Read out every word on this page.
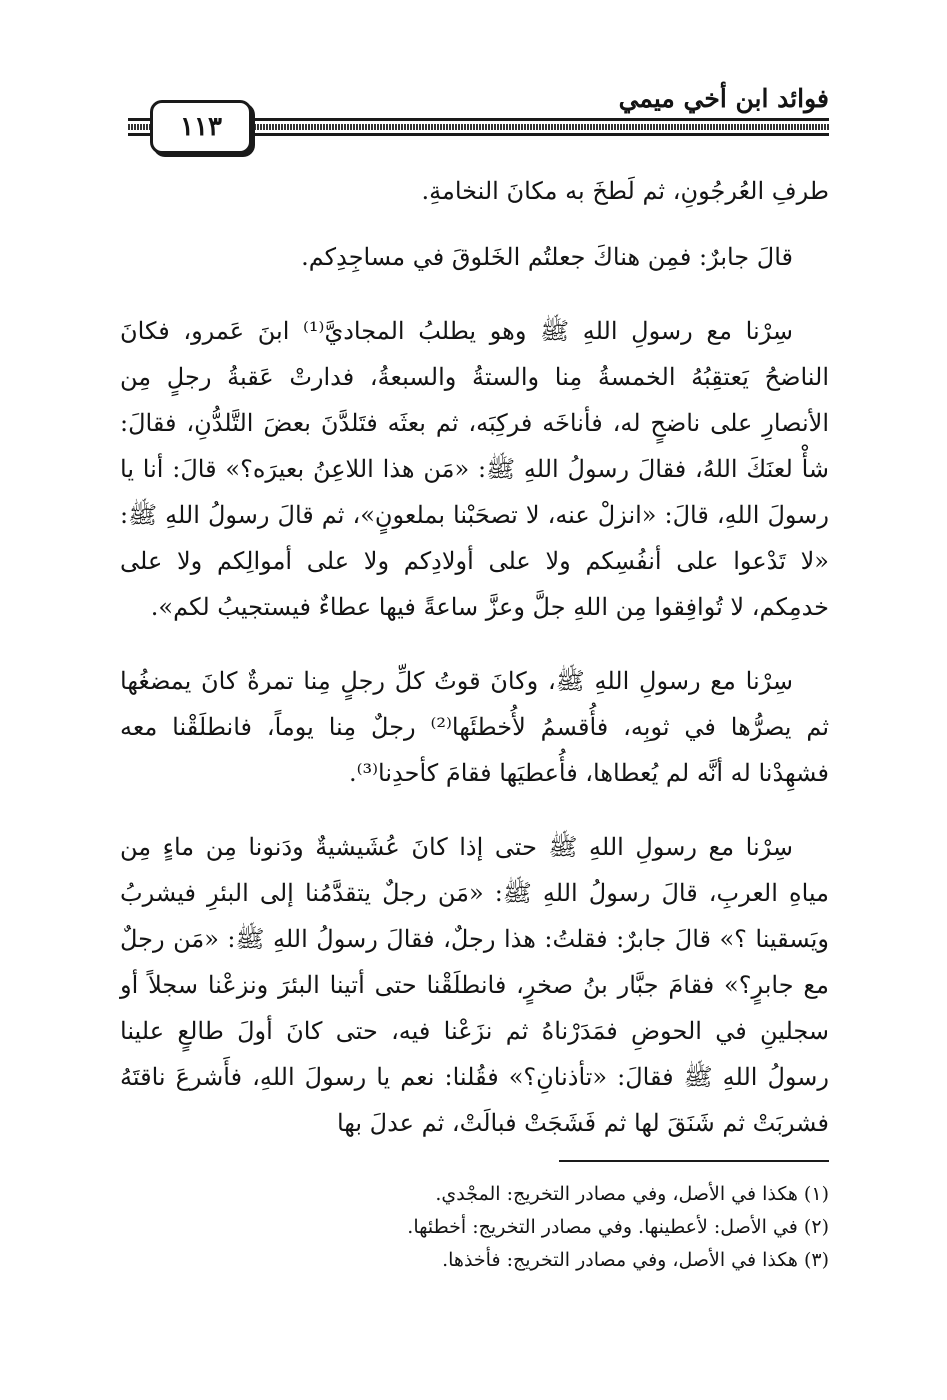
فوائد ابن أخي ميمي
١١٣

طرفِ العُرجُونِ، ثم لَطخَ به مكانَ النخامةِ.

قالَ جابرٌ: فمِن هناكَ جعلتُم الخَلوقَ في مساجِدِكم.

سِرْنا مع رسولِ اللهِ ﷺ وهو يطلبُ المجاديَّ⁽¹⁾ ابنَ عَمرو، فكانَ الناضحُ يَعتقِبُهُ الخمسةُ مِنا والستةُ والسبعةُ، فدارتْ عَقبةُ رجلٍ مِن الأنصارِ على ناضحٍ له، فأناخَه فركِبَه، ثم بعثَه فتَلدَّنَ بعضَ التَّلدُّنِ، فقالَ: شأْ لعنَكَ اللهُ، فقالَ رسولُ اللهِ ﷺ: «مَن هذا اللاعِنُ بعيرَه؟» قالَ: أنا يا رسولَ اللهِ، قالَ: «انزلْ عنه، لا تصحَبْنا بملعونٍ»، ثم قالَ رسولُ اللهِ ﷺ: «لا تَدْعوا على أنفُسِكم ولا على أولادِكم ولا على أموالِكم ولا على خدمِكم، لا تُوافِقوا مِن اللهِ جلَّ وعزَّ ساعةً فيها عطاءٌ فيستجيبُ لكم».

سِرْنا مع رسولِ اللهِ ﷺ، وكانَ قوتُ كلِّ رجلٍ مِنا تمرةٌ كانَ يمضغُها ثم يصرُّها في ثوبِه، فأُقسمُ لأُخطئَها⁽²⁾ رجلٌ مِنا يوماً، فانطلَقْنا معه فشهِدْنا له أنَّه لم يُعطاها، فأُعطيَها فقامَ كأحدِنا⁽³⁾.

سِرْنا مع رسولِ اللهِ ﷺ حتى إذا كانَ عُشَيشيةٌ ودَنونا مِن ماءٍ مِن مياهِ العربِ، قالَ رسولُ اللهِ ﷺ: «مَن رجلٌ يتقدَّمُنا إلى البئرِ فيشربُ ويَسقينا ؟» قالَ جابرٌ: فقلتُ: هذا رجلٌ، فقالَ رسولُ اللهِ ﷺ: «مَن رجلٌ مع جابرٍ؟» فقامَ جبَّار بنُ صخرٍ، فانطلَقْنا حتى أتينا البئرَ ونزعْنا سجلاً أو سجلينِ في الحوضِ فمَدَرْناهُ ثم نزَعْنا فيه، حتى كانَ أولَ طالعٍ علينا رسولُ اللهِ ﷺ فقالَ: «تأذنانِ؟» فقُلنا: نعم يا رسولَ اللهِ، فأَشرعَ ناقتَهُ فشربَتْ ثم شَنَقَ لها ثم فَشَجَتْ فبالَتْ، ثم عدلَ بها

(١) هكذا في الأصل، وفي مصادر التخريج: المجْدي.
(٢) في الأصل: لأعطينها. وفي مصادر التخريج: أخطئها.
(٣) هكذا في الأصل، وفي مصادر التخريج: فأخذها.
